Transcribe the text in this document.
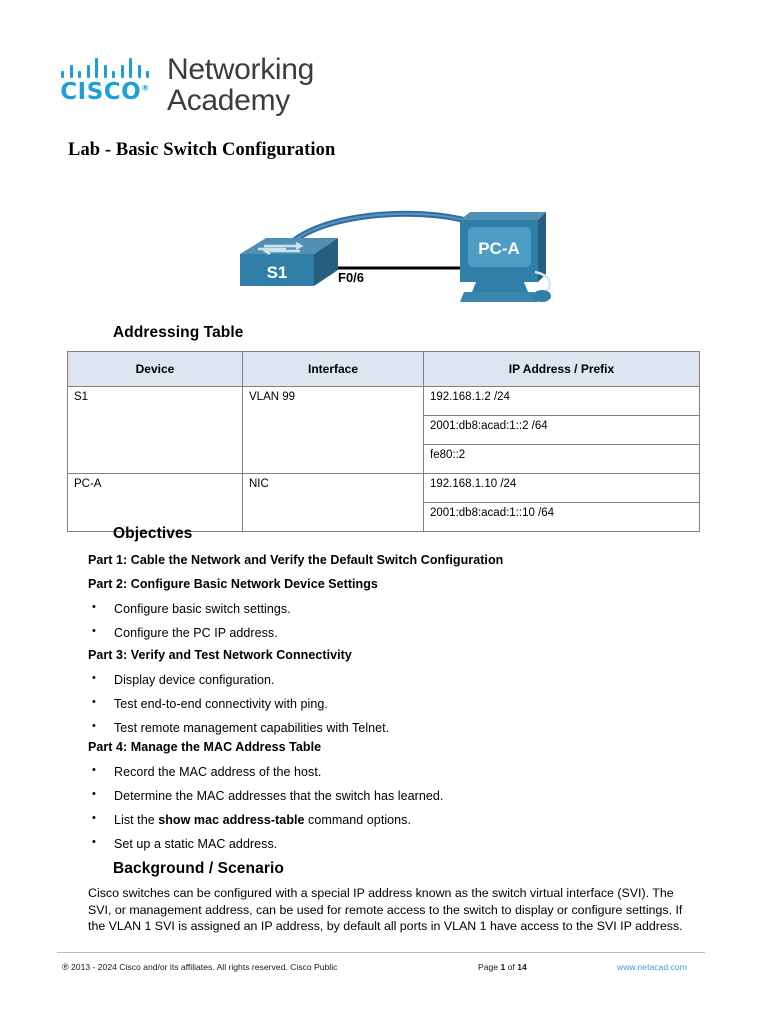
CISCO®
Networking
Academy
Lab - Basic Switch Configuration
S1
PC-A
F0/6
Addressing Table
Device	Interface	IP Address / Prefix
S1	VLAN 99	192.168.1.2 /24
		2001:db8:acad:1::2 /64
		fe80::2
PC-A	NIC	192.168.1.10 /24
		2001:db8:acad:1::10 /64
Objectives
Part 1: Cable the Network and Verify the Default Switch Configuration
Part 2: Configure Basic Network Device Settings
• Configure basic switch settings.
• Configure the PC IP address.
Part 3: Verify and Test Network Connectivity
• Display device configuration.
• Test end-to-end connectivity with ping.
• Test remote management capabilities with Telnet.
Part 4: Manage the MAC Address Table
• Record the MAC address of the host.
• Determine the MAC addresses that the switch has learned.
• List the show mac address-table command options.
• Set up a static MAC address.
Background / Scenario
Cisco switches can be configured with a special IP address known as the switch virtual interface (SVI). The SVI, or management address, can be used for remote access to the switch to display or configure settings. If the VLAN 1 SVI is assigned an IP address, by default all ports in VLAN 1 have access to the SVI IP address.
® 2013 - 2024 Cisco and/or its affiliates. All rights reserved. Cisco Public	Page 1 of 14	www.netacad.com
